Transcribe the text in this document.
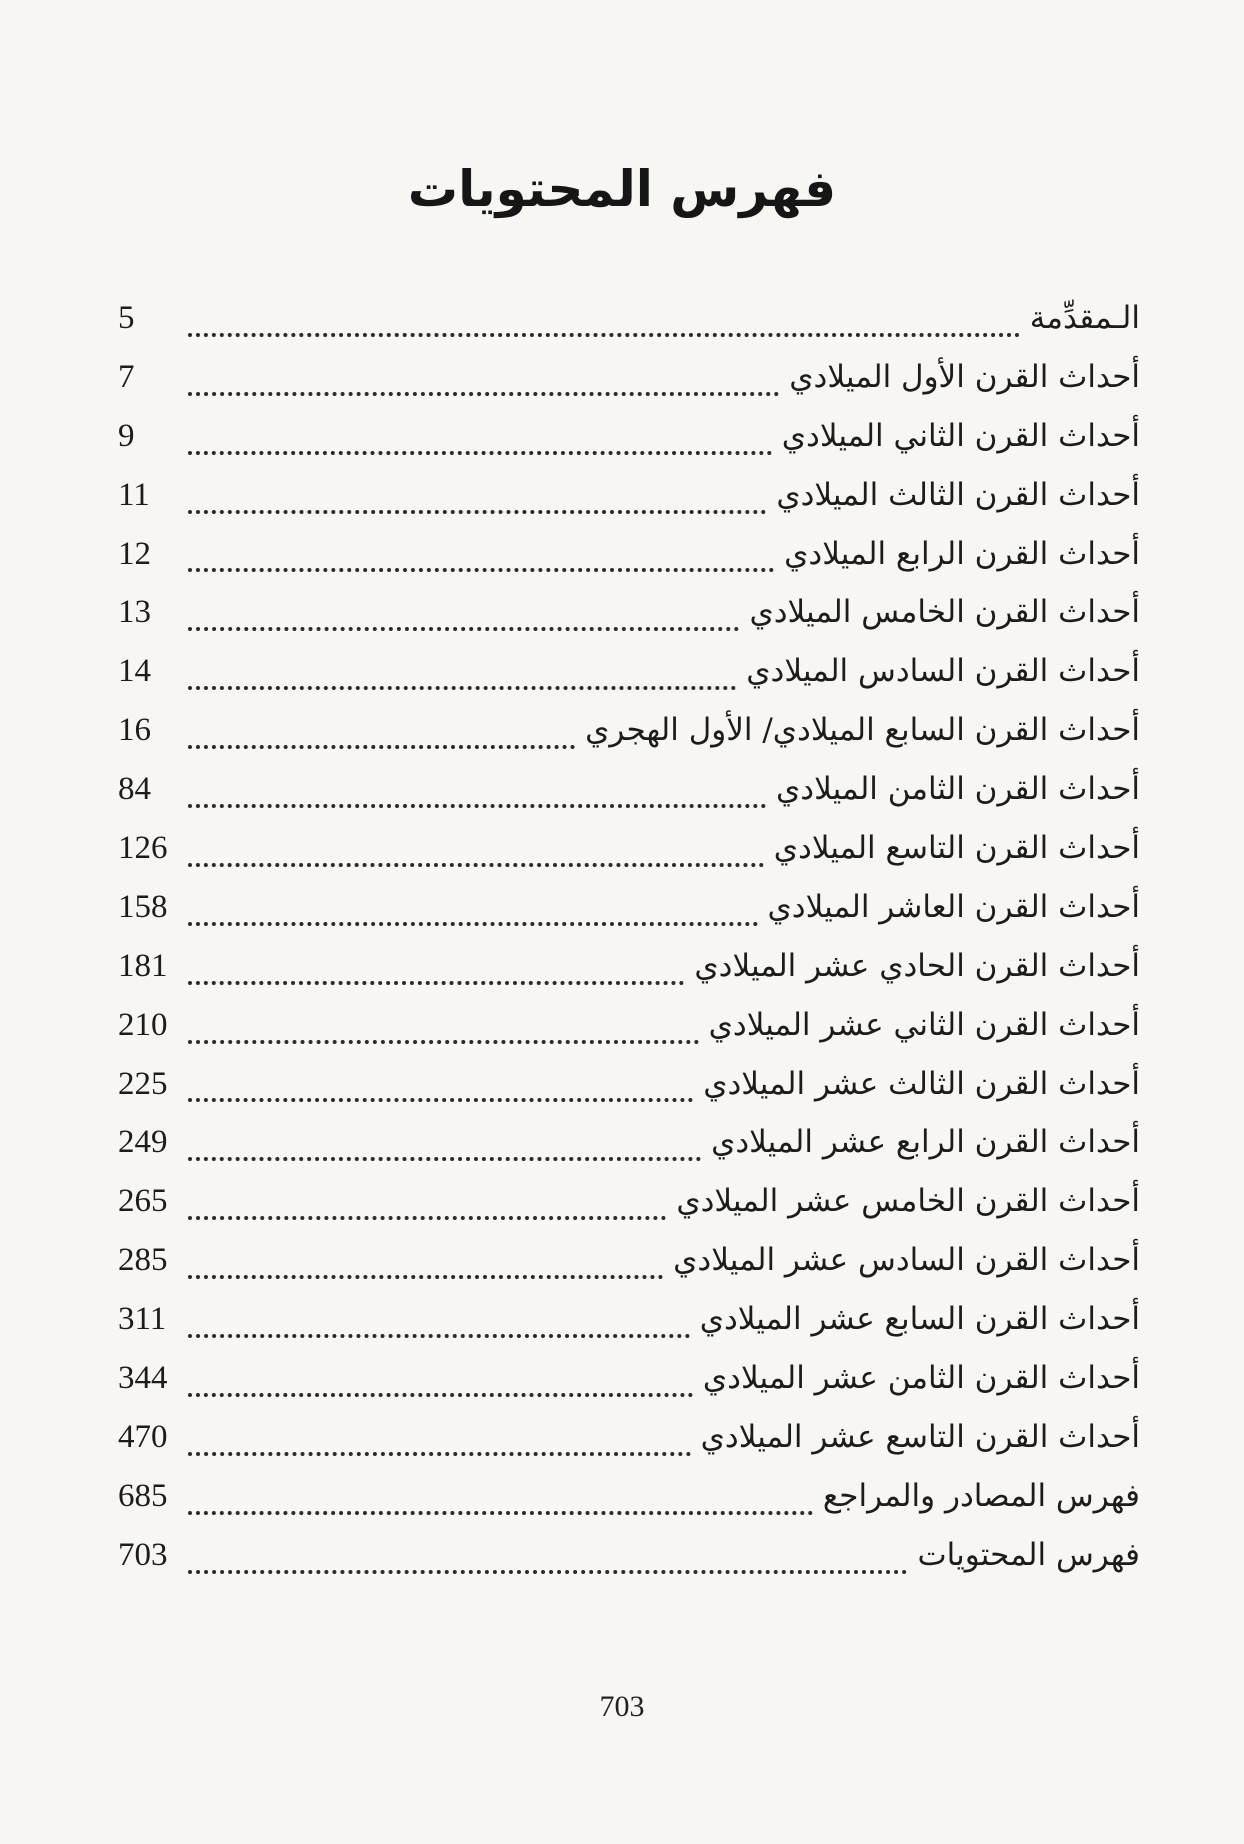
فهرس المحتويات
الـمقدِّمة
5
أحداث القرن الأول الميلادي
7
أحداث القرن الثاني الميلادي
9
أحداث القرن الثالث الميلادي
11
أحداث القرن الرابع الميلادي
12
أحداث القرن الخامس الميلادي
13
أحداث القرن السادس الميلادي
14
أحداث القرن السابع الميلادي/ الأول الهجري
16
أحداث القرن الثامن الميلادي
84
أحداث القرن التاسع الميلادي
126
أحداث القرن العاشر الميلادي
158
أحداث القرن الحادي عشر الميلادي
181
أحداث القرن الثاني عشر الميلادي
210
أحداث القرن الثالث عشر الميلادي
225
أحداث القرن الرابع عشر الميلادي
249
أحداث القرن الخامس عشر الميلادي
265
أحداث القرن السادس عشر الميلادي
285
أحداث القرن السابع عشر الميلادي
311
أحداث القرن الثامن عشر الميلادي
344
أحداث القرن التاسع عشر الميلادي
470
فهرس المصادر والمراجع
685
فهرس المحتويات
703
703
